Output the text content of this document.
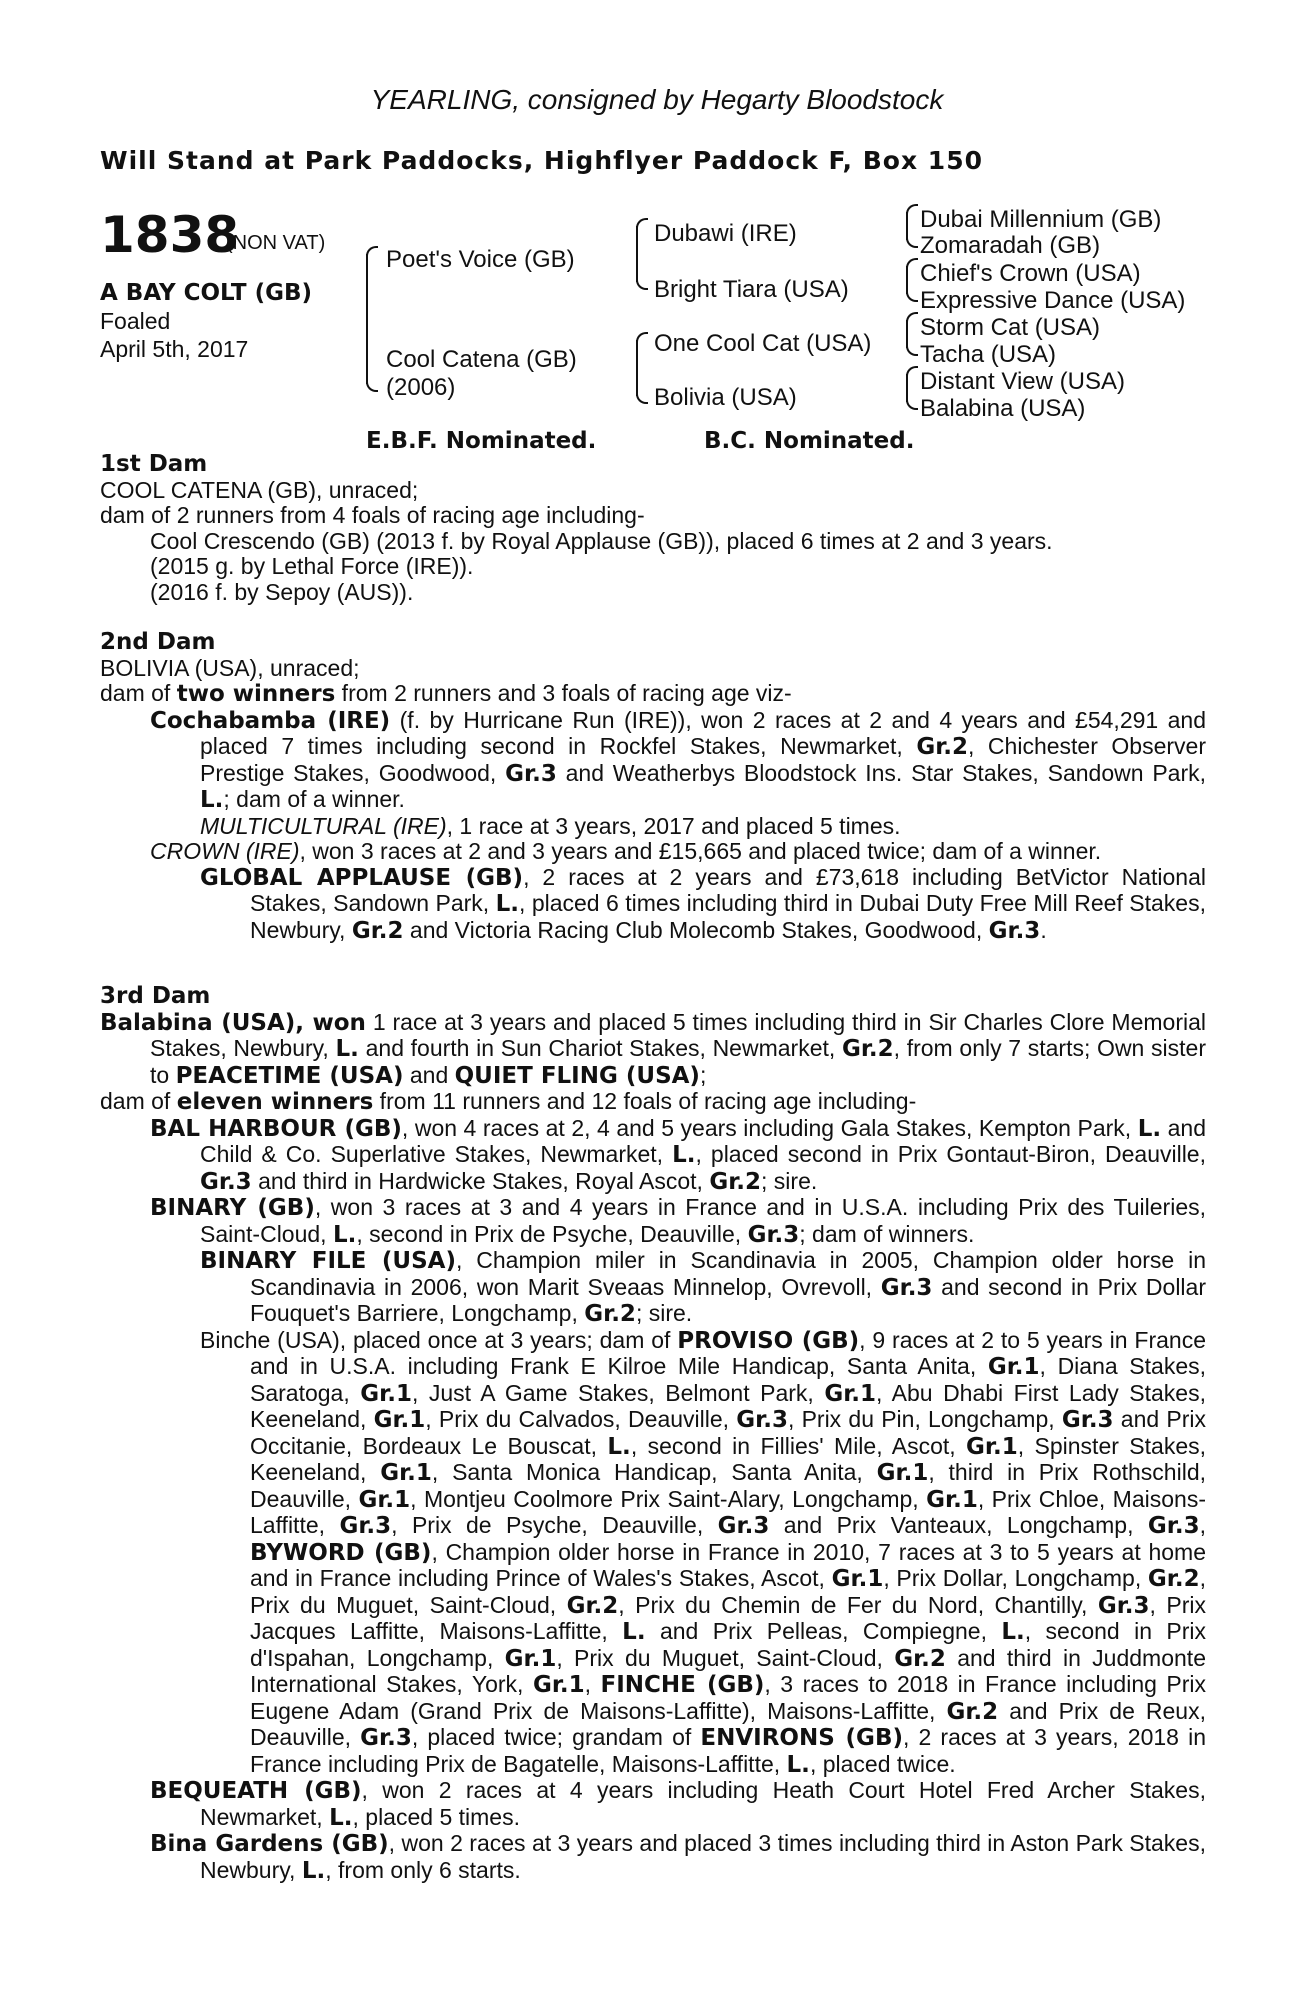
YEARLING, consigned by Hegarty Bloodstock
Will Stand at Park Paddocks, Highflyer Paddock F, Box 150
1838
(NON VAT)
A BAY COLT (GB)
Foaled
April 5th, 2017
Poet's Voice (GB)
Cool Catena (GB)
(2006)
Dubawi (IRE)
Bright Tiara (USA)
One Cool Cat (USA)
Bolivia (USA)
Dubai Millennium (GB)
Zomaradah (GB)
Chief's Crown (USA)
Expressive Dance (USA)
Storm Cat (USA)
Tacha (USA)
Distant View (USA)
Balabina (USA)
E.B.F. Nominated.	B.C. Nominated.

1st Dam

COOL CATENA (GB), unraced;

dam of 2 runners from 4 foals of racing age including-

Cool Crescendo (GB) (2013 f. by Royal Applause (GB)), placed 6 times at 2 and 3 years.

(2015 g. by Lethal Force (IRE)).

(2016 f. by Sepoy (AUS)).

2nd Dam

BOLIVIA (USA), unraced;

dam of two winners from 2 runners and 3 foals of racing age viz-

Cochabamba (IRE) (f. by Hurricane Run (IRE)), won 2 races at 2 and 4 years and £54,291 and placed 7 times including second in Rockfel Stakes, Newmarket, Gr.2, Chichester Observer Prestige Stakes, Goodwood, Gr.3 and Weatherbys Bloodstock Ins. Star Stakes, Sandown Park, L.; dam of a winner.

MULTICULTURAL (IRE), 1 race at 3 years, 2017 and placed 5 times.

CROWN (IRE), won 3 races at 2 and 3 years and £15,665 and placed twice; dam of a winner.

GLOBAL APPLAUSE (GB), 2 races at 2 years and £73,618 including BetVictor National Stakes, Sandown Park, L., placed 6 times including third in Dubai Duty Free Mill Reef Stakes, Newbury, Gr.2 and Victoria Racing Club Molecomb Stakes, Goodwood, Gr.3.

3rd Dam

Balabina (USA), won 1 race at 3 years and placed 5 times including third in Sir Charles Clore Memorial Stakes, Newbury, L. and fourth in Sun Chariot Stakes, Newmarket, Gr.2, from only 7 starts; Own sister to PEACETIME (USA) and QUIET FLING (USA);

dam of eleven winners from 11 runners and 12 foals of racing age including-

BAL HARBOUR (GB), won 4 races at 2, 4 and 5 years including Gala Stakes, Kempton Park, L. and Child & Co. Superlative Stakes, Newmarket, L., placed second in Prix Gontaut-Biron, Deauville, Gr.3 and third in Hardwicke Stakes, Royal Ascot, Gr.2; sire.

BINARY (GB), won 3 races at 3 and 4 years in France and in U.S.A. including Prix des Tuileries, Saint-Cloud, L., second in Prix de Psyche, Deauville, Gr.3; dam of winners.

BINARY FILE (USA), Champion miler in Scandinavia in 2005, Champion older horse in Scandinavia in 2006, won Marit Sveaas Minnelop, Ovrevoll, Gr.3 and second in Prix Dollar Fouquet's Barriere, Longchamp, Gr.2; sire.

Binche (USA), placed once at 3 years; dam of PROVISO (GB), 9 races at 2 to 5 years in France and in U.S.A. including Frank E Kilroe Mile Handicap, Santa Anita, Gr.1, Diana Stakes, Saratoga, Gr.1, Just A Game Stakes, Belmont Park, Gr.1, Abu Dhabi First Lady Stakes, Keeneland, Gr.1, Prix du Calvados, Deauville, Gr.3, Prix du Pin, Longchamp, Gr.3 and Prix Occitanie, Bordeaux Le Bouscat, L., second in Fillies' Mile, Ascot, Gr.1, Spinster Stakes, Keeneland, Gr.1, Santa Monica Handicap, Santa Anita, Gr.1, third in Prix Rothschild, Deauville, Gr.1, Montjeu Coolmore Prix Saint-Alary, Longchamp, Gr.1, Prix Chloe, Maisons-Laffitte, Gr.3, Prix de Psyche, Deauville, Gr.3 and Prix Vanteaux, Longchamp, Gr.3, BYWORD (GB), Champion older horse in France in 2010, 7 races at 3 to 5 years at home and in France including Prince of Wales's Stakes, Ascot, Gr.1, Prix Dollar, Longchamp, Gr.2, Prix du Muguet, Saint-Cloud, Gr.2, Prix du Chemin de Fer du Nord, Chantilly, Gr.3, Prix Jacques Laffitte, Maisons-Laffitte, L. and Prix Pelleas, Compiegne, L., second in Prix d'Ispahan, Longchamp, Gr.1, Prix du Muguet, Saint-Cloud, Gr.2 and third in Juddmonte International Stakes, York, Gr.1, FINCHE (GB), 3 races to 2018 in France including Prix Eugene Adam (Grand Prix de Maisons-Laffitte), Maisons-Laffitte, Gr.2 and Prix de Reux, Deauville, Gr.3, placed twice; grandam of ENVIRONS (GB), 2 races at 3 years, 2018 in France including Prix de Bagatelle, Maisons-Laffitte, L., placed twice.

BEQUEATH (GB), won 2 races at 4 years including Heath Court Hotel Fred Archer Stakes, Newmarket, L., placed 5 times.

Bina Gardens (GB), won 2 races at 3 years and placed 3 times including third in Aston Park Stakes, Newbury, L., from only 6 starts.
